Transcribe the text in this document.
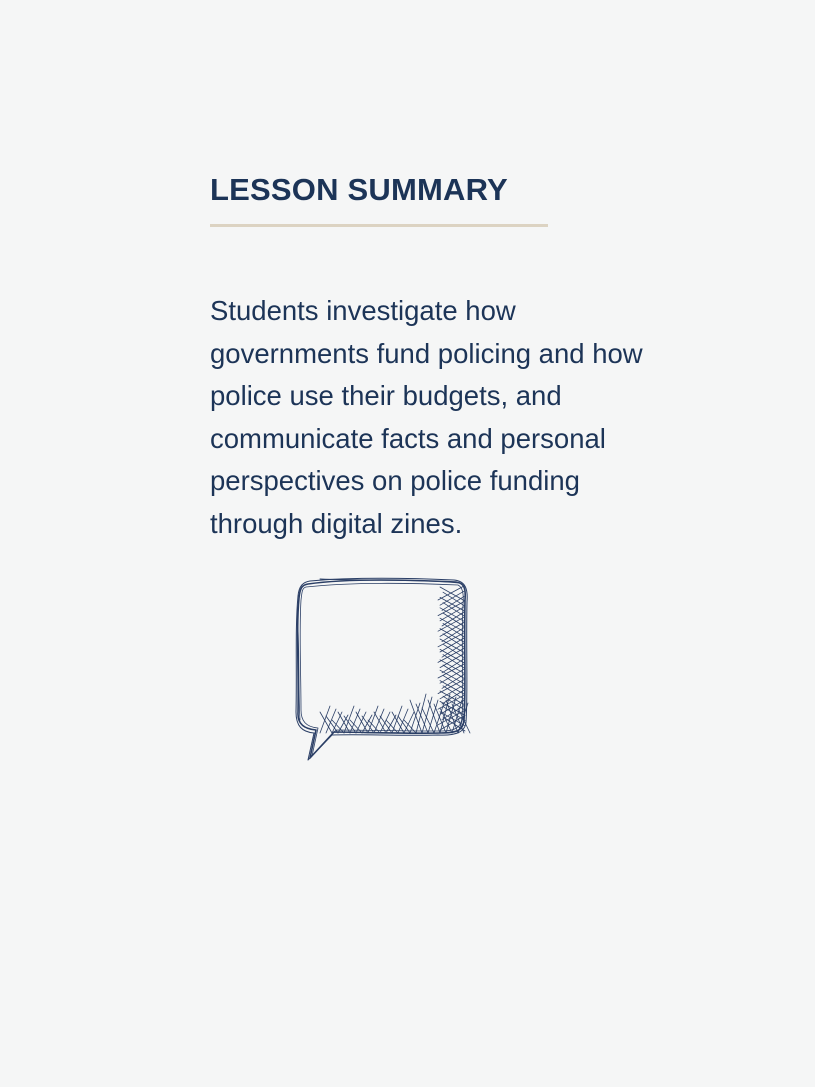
LESSON SUMMARY

Students investigate how governments fund policing and how police use their budgets, and communicate facts and personal perspectives on police funding through digital zines.
